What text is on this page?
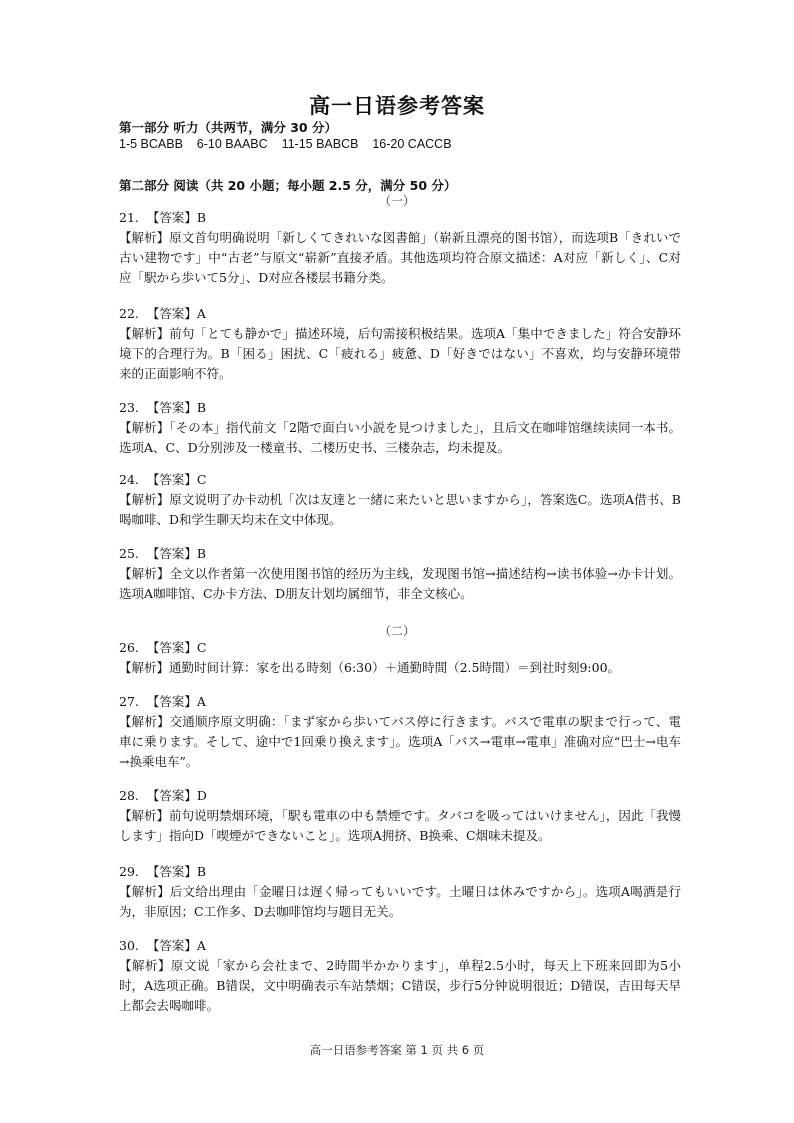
高一日语参考答案
第一部分 听力（共两节，满分 30 分）
1-5 BCABB    6-10 BAABC    11-15 BABCB    16-20 CACCB
第二部分 阅读（共 20 小题；每小题 2.5 分，满分 50 分）
（一）
21.  【答案】B
【解析】原文首句明确说明「新しくてきれいな図書館」（崭新且漂亮的图书馆），而选项B「きれいで古い建物です」中“古老”与原文“崭新”直接矛盾。其他选项均符合原文描述：A对应「新しく」、C对应「駅から歩いて5分」、D对应各楼层书籍分类。
22.  【答案】A
【解析】前句「とても静かで」描述环境，后句需接积极结果。选项A「集中できました」符合安静环境下的合理行为。B「困る」困扰、C「疲れる」疲惫、D「好きではない」不喜欢，均与安静环境带来的正面影响不符。
23.  【答案】B
【解析】「その本」指代前文「2階で面白い小説を見つけました」，且后文在咖啡馆继续读同一本书。选项A、C、D分别涉及一楼童书、二楼历史书、三楼杂志，均未提及。
24.  【答案】C
【解析】原文说明了办卡动机「次は友達と一緒に来たいと思いますから」，答案选C。选项A借书、B喝咖啡、D和学生聊天均未在文中体现。
25.  【答案】B
【解析】全文以作者第一次使用图书馆的经历为主线，发现图书馆→描述结构→读书体验→办卡计划。选项A咖啡馆、C办卡方法、D朋友计划均属细节，非全文核心。
（二）
26.  【答案】C
【解析】通勤时间计算：家を出る時刻（6:30）＋通勤時間（2.5時間）＝到社时刻9:00。
27.  【答案】A
【解析】交通顺序原文明确：「まず家から歩いてバス停に行きます。バスで電車の駅まで行って、電車に乗ります。そして、途中で1回乗り換えます」。选项A「バス→電車→電車」准确对应“巴士→电车→换乘电车”。
28.  【答案】D
【解析】前句说明禁烟环境，「駅も電車の中も禁煙です。タバコを吸ってはいけません」，因此「我慢します」指向D「喫煙ができないこと」。选项A拥挤、B换乘、C烟味未提及。
29.  【答案】B
【解析】后文给出理由「金曜日は遅く帰ってもいいです。土曜日は休みですから」。选项A喝酒是行为，非原因；C工作多、D去咖啡馆均与题目无关。
30.  【答案】A
【解析】原文说「家から会社まで、2時間半かかります」，单程2.5小时，每天上下班来回即为5小时，A选项正确。B错误，文中明确表示车站禁烟；C错误，步行5分钟说明很近；D错误，吉田每天早上都会去喝咖啡。
高一日语参考答案 第 1 页 共 6 页
